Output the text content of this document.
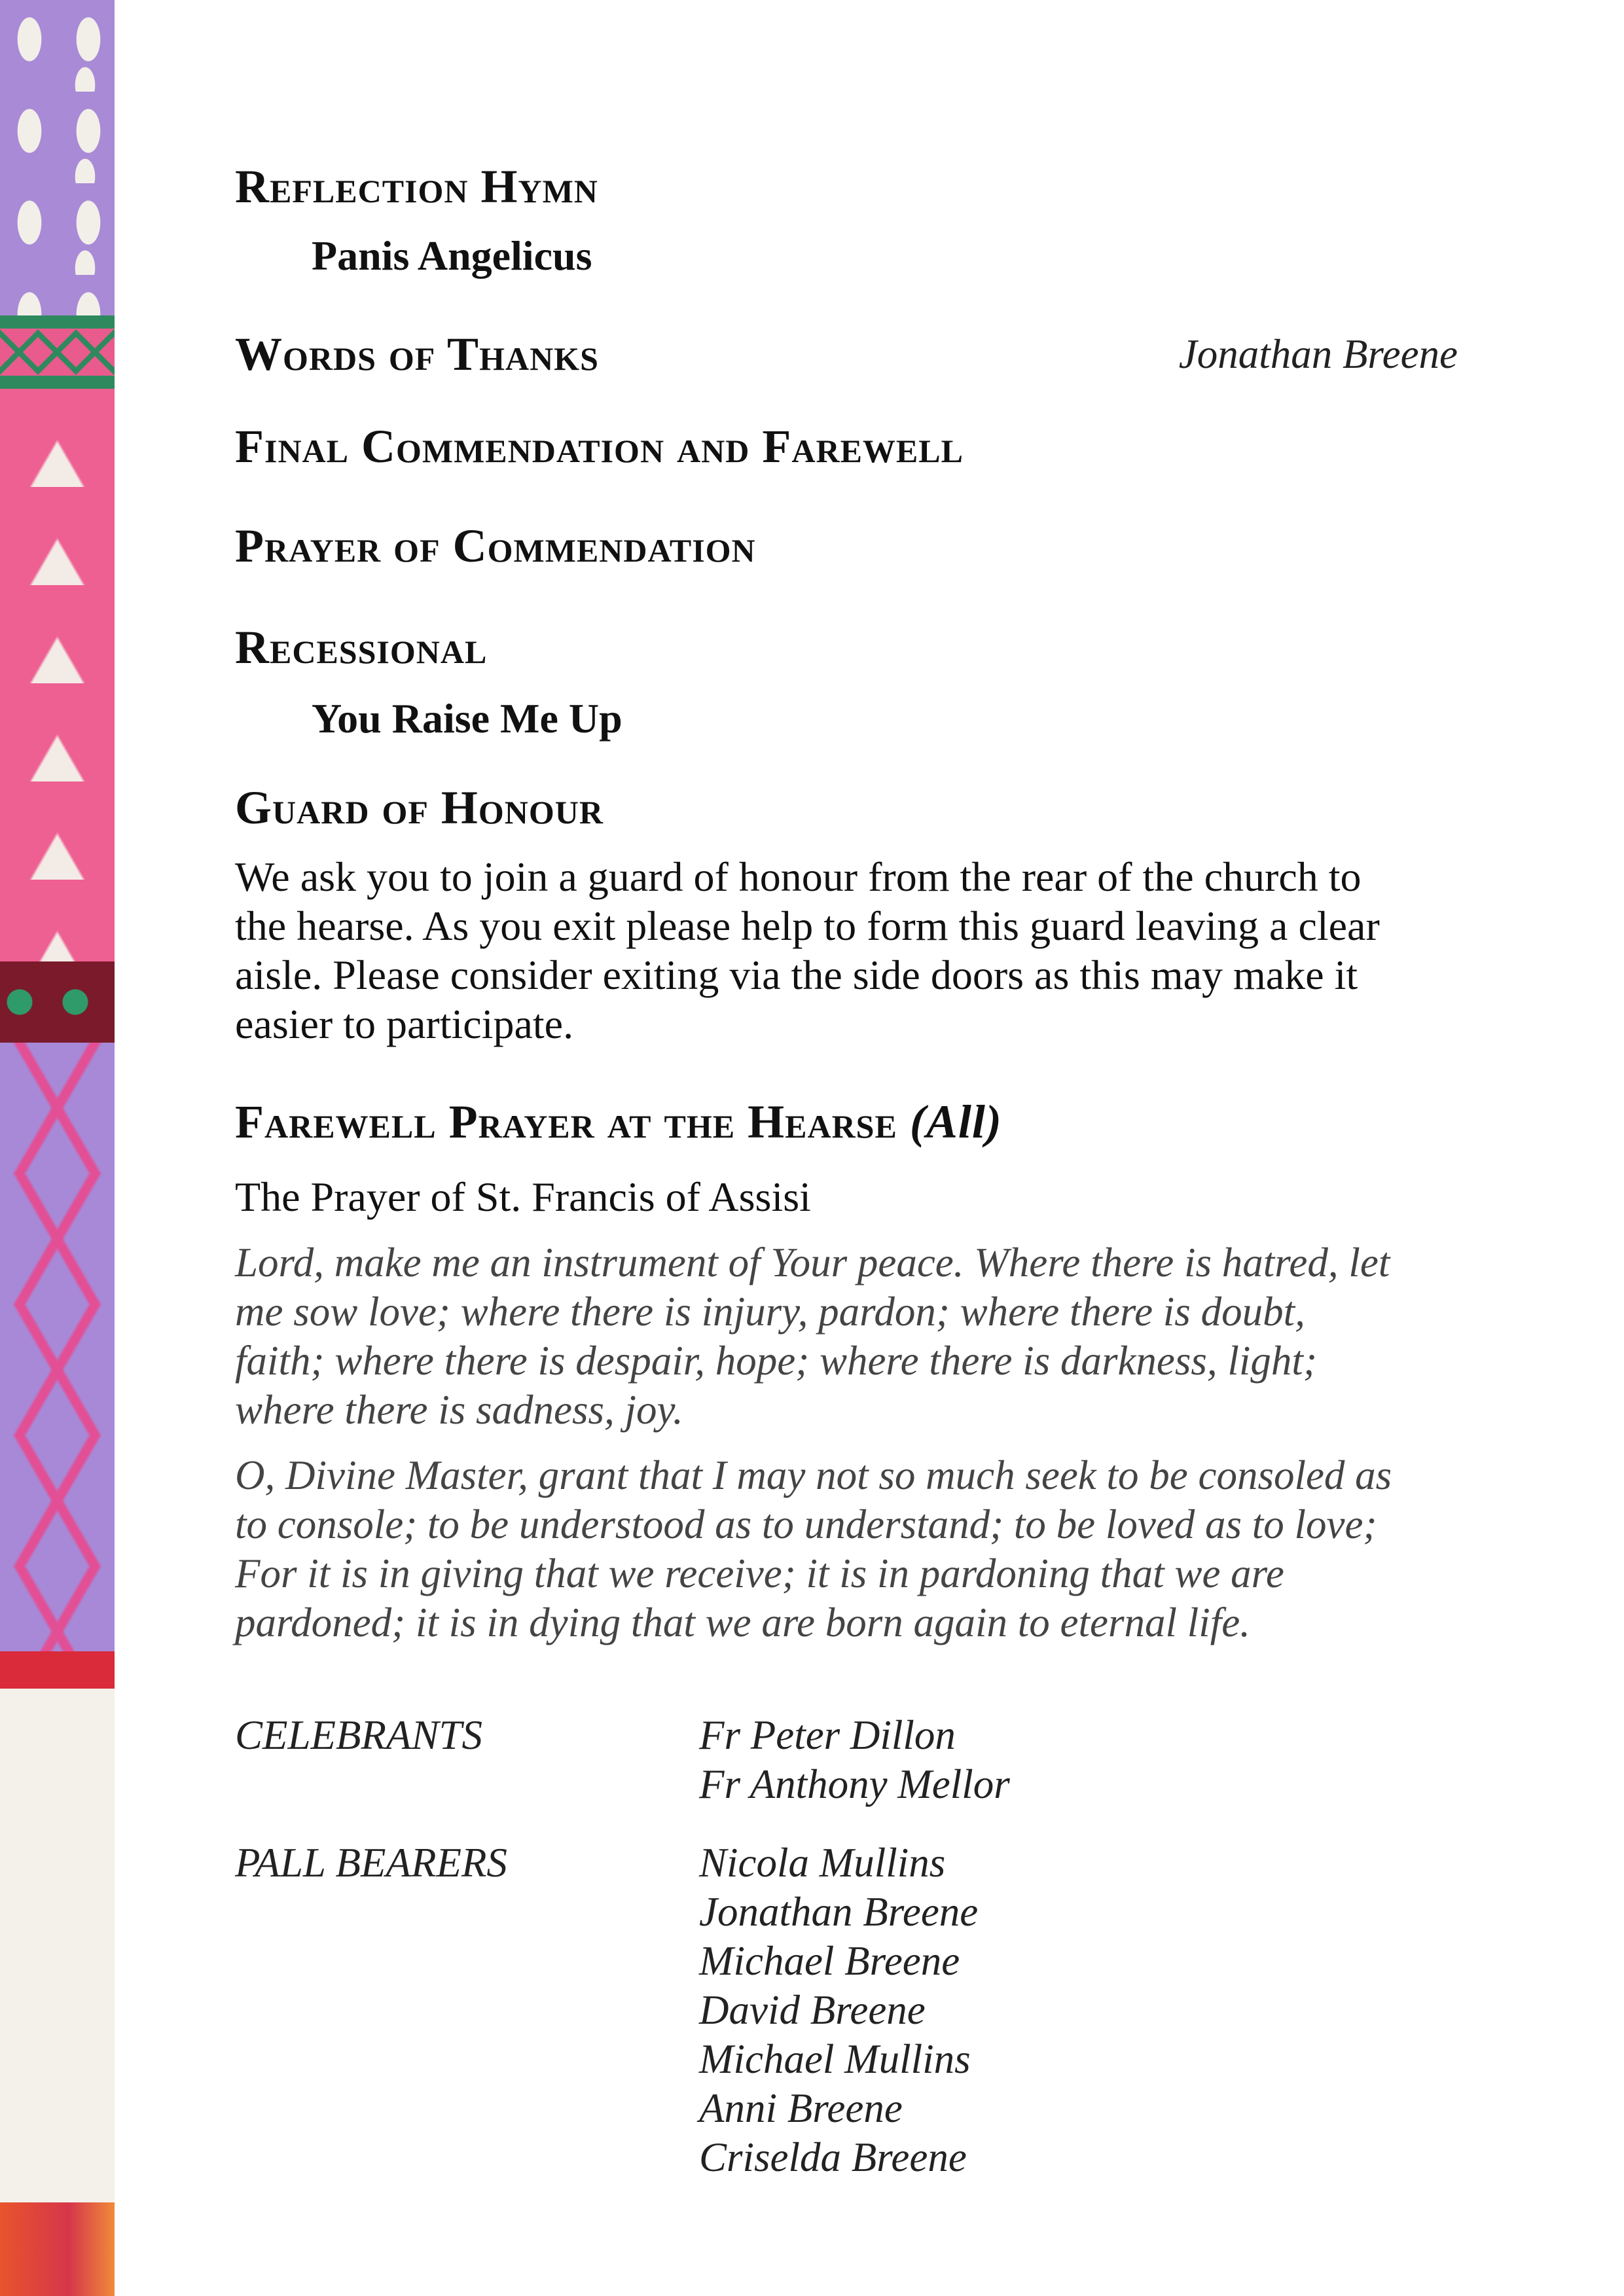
Reflection Hymn
Panis Angelicus
Words of Thanks	Jonathan Breene
Final Commendation and Farewell
Prayer of Commendation
Recessional
You Raise Me Up
Guard of Honour
We ask you to join a guard of honour from the rear of the church to
the hearse. As you exit please help to form this guard leaving a clear
aisle. Please consider exiting via the side doors as this may make it
easier to participate.
Farewell Prayer at the Hearse (All)
The Prayer of St. Francis of Assisi
Lord, make me an instrument of Your peace. Where there is hatred, let
me sow love; where there is injury, pardon; where there is doubt,
faith; where there is despair, hope; where there is darkness, light;
where there is sadness, joy.
O, Divine Master, grant that I may not so much seek to be consoled as
to console; to be understood as to understand; to be loved as to love;
For it is in giving that we receive; it is in pardoning that we are
pardoned; it is in dying that we are born again to eternal life.
CELEBRANTS	Fr Peter Dillon
Fr Anthony Mellor
PALL BEARERS	Nicola Mullins
Jonathan Breene
Michael Breene
David Breene
Michael Mullins
Anni Breene
Criselda Breene
